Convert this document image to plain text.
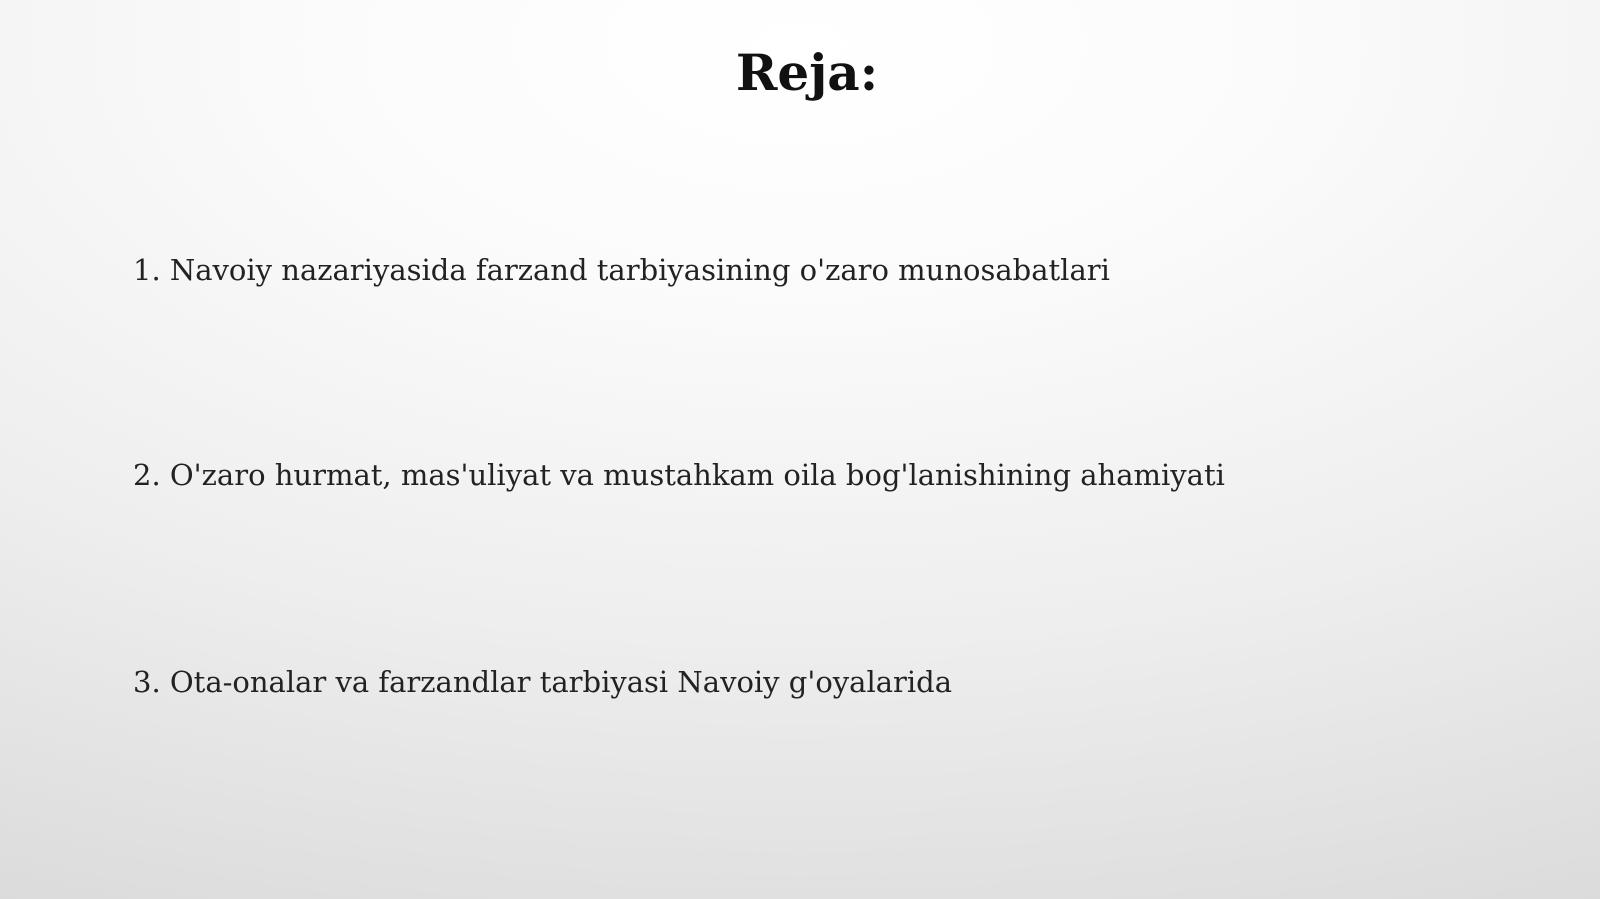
Reja:
1. Navoiy nazariyasida farzand tarbiyasining o'zaro munosabatlari
2. O'zaro hurmat, mas'uliyat va mustahkam oila bog'lanishining ahamiyati
3. Ota-onalar va farzandlar tarbiyasi Navoiy g'oyalarida
